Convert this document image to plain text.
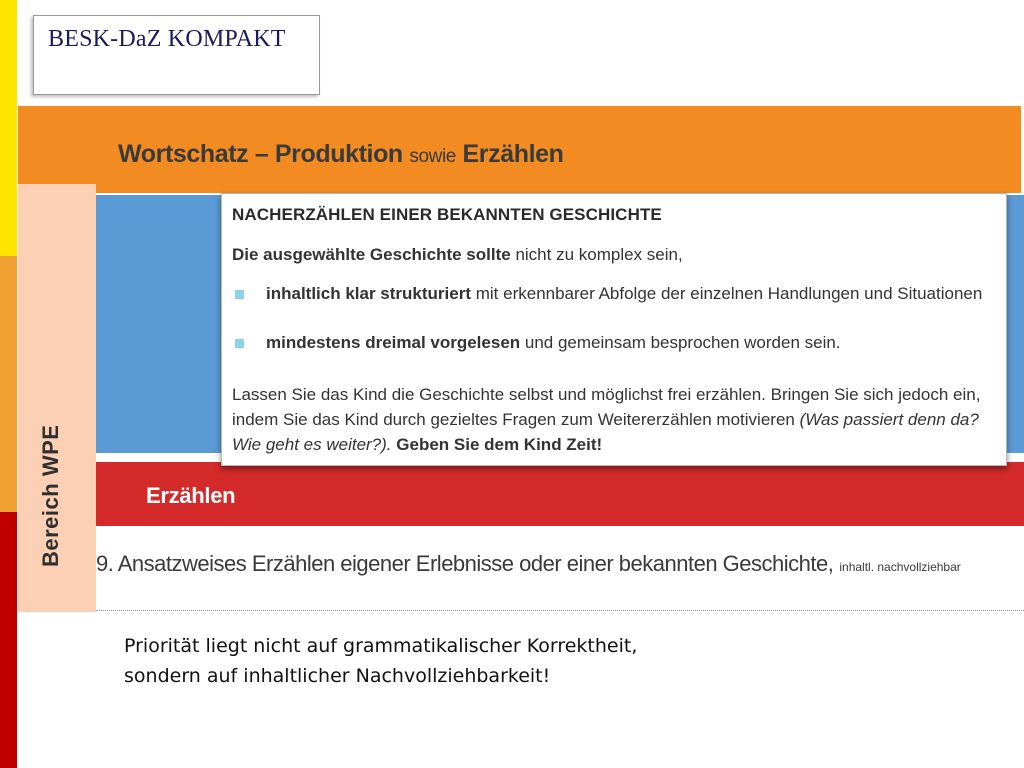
BESK-DaZ KOMPAKT
Wortschatz – Produktion sowie Erzählen
Bereich WPE	Erzählen
9. Ansatzweises Erzählen eigener Erlebnisse oder einer bekannten Geschichte, inhaltl. nachvollziehbar
NACHERZÄHLEN EINER BEKANNTEN GESCHICHTE
Die ausgewählte Geschichte sollte nicht zu komplex sein,
inhaltlich klar strukturiert mit erkennbarer Abfolge der einzelnen Handlungen und Situationen
mindestens dreimal vorgelesen und gemeinsam besprochen worden sein.
Lassen Sie das Kind die Geschichte selbst und möglichst frei erzählen. Bringen Sie sich jedoch ein, indem Sie das Kind durch gezieltes Fragen zum Weitererzählen motivieren (Was passiert denn da? Wie geht es weiter?). Geben Sie dem Kind Zeit!
Priorität liegt nicht auf grammatikalischer Korrektheit,
sondern auf inhaltlicher Nachvollziehbarkeit!
